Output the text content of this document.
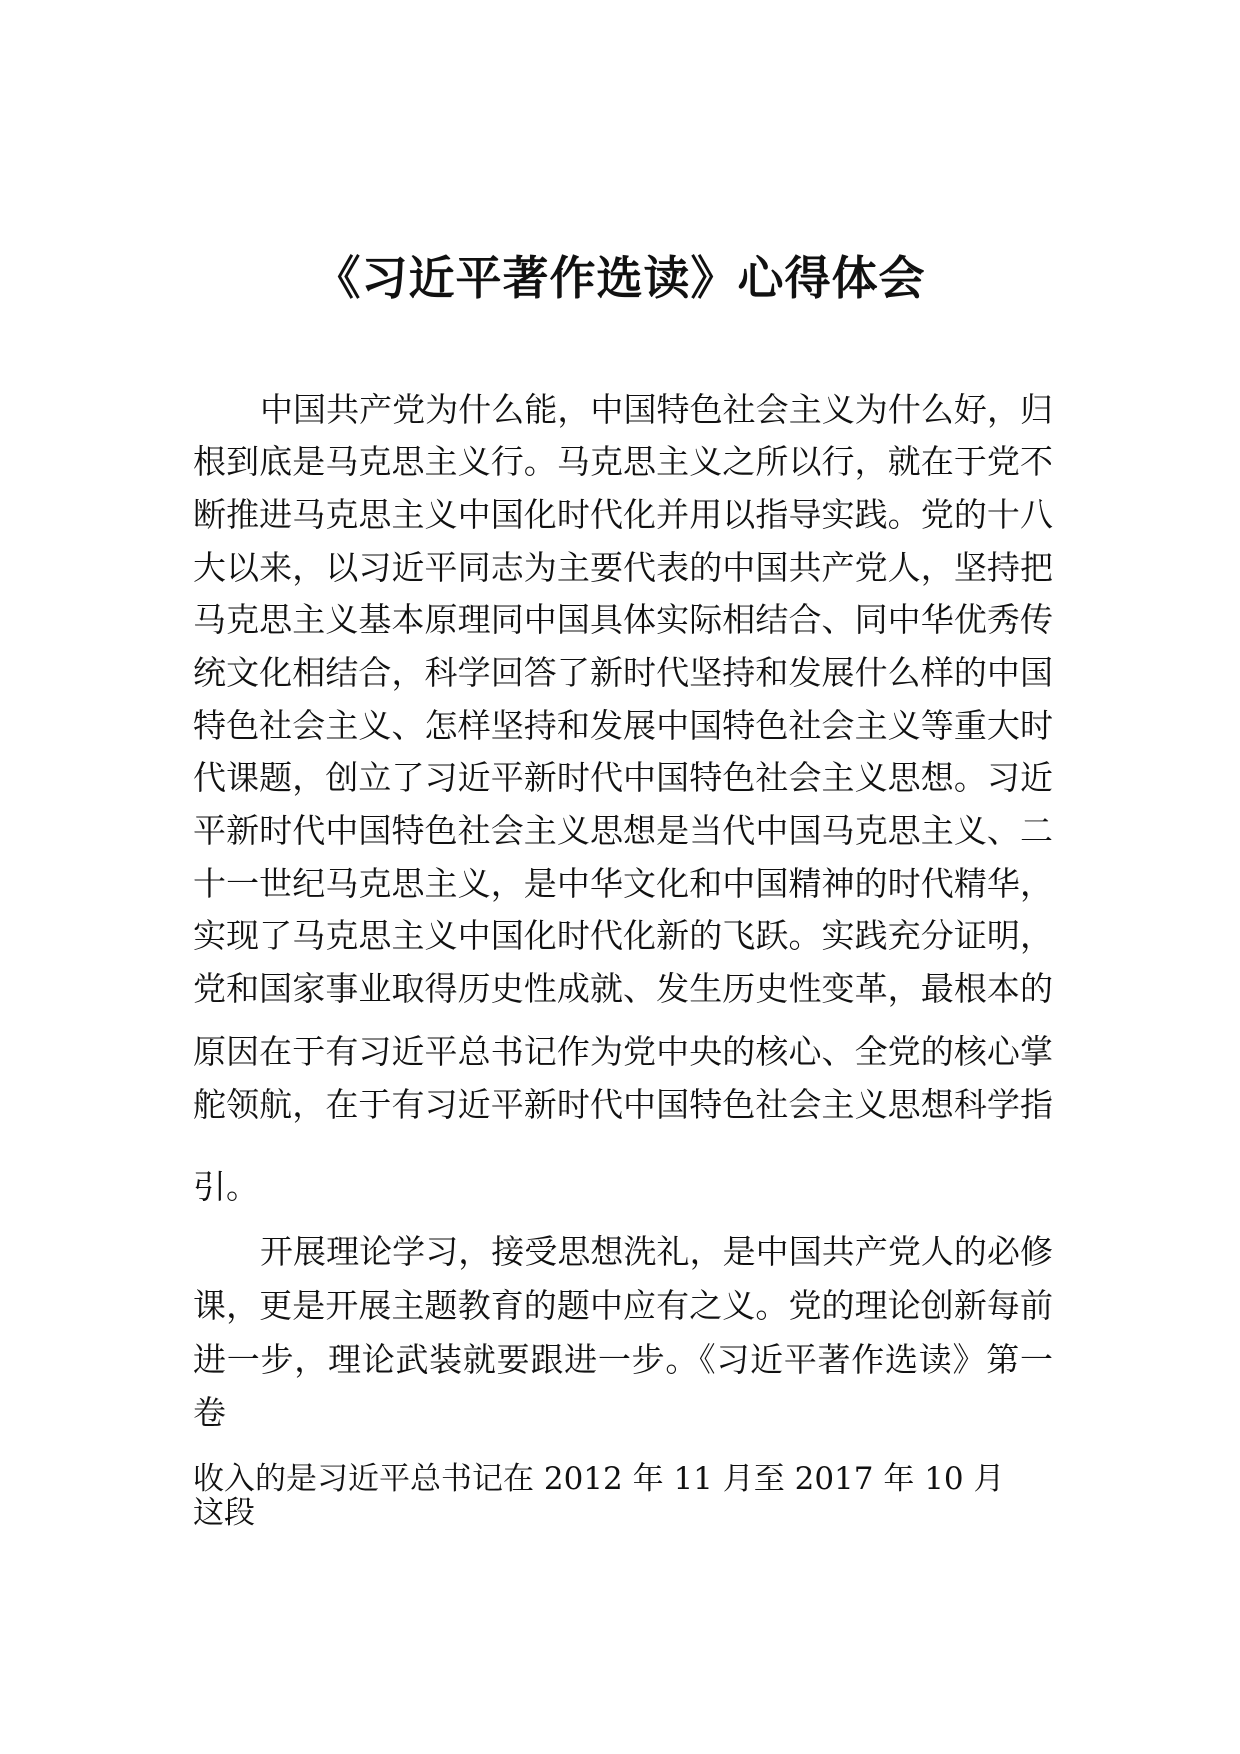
《习近平著作选读》心得体会

中国共产党为什么能，中国特色社会主义为什么好，归

根到底是马克思主义行。马克思主义之所以行，就在于党不

断推进马克思主义中国化时代化并用以指导实践。党的十八

大以来，以习近平同志为主要代表的中国共产党人，坚持把

马克思主义基本原理同中国具体实际相结合、同中华优秀传

统文化相结合，科学回答了新时代坚持和发展什么样的中国

特色社会主义、怎样坚持和发展中国特色社会主义等重大时

代课题，创立了习近平新时代中国特色社会主义思想。习近

平新时代中国特色社会主义思想是当代中国马克思主义、二

十一世纪马克思主义，是中华文化和中国精神的时代精华，

实现了马克思主义中国化时代化新的飞跃。实践充分证明，

党和国家事业取得历史性成就、发生历史性变革，最根本的

原因在于有习近平总书记作为党中央的核心、全党的核心掌

舵领航，在于有习近平新时代中国特色社会主义思想科学指

引。

开展理论学习，接受思想洗礼，是中国共产党人的必修

课，更是开展主题教育的题中应有之义。党的理论创新每前

进一步，理论武装就要跟进一步。《习近平著作选读》第一

卷

收入的是习近平总书记在 2012 年 11 月至 2017 年 10 月

这段
